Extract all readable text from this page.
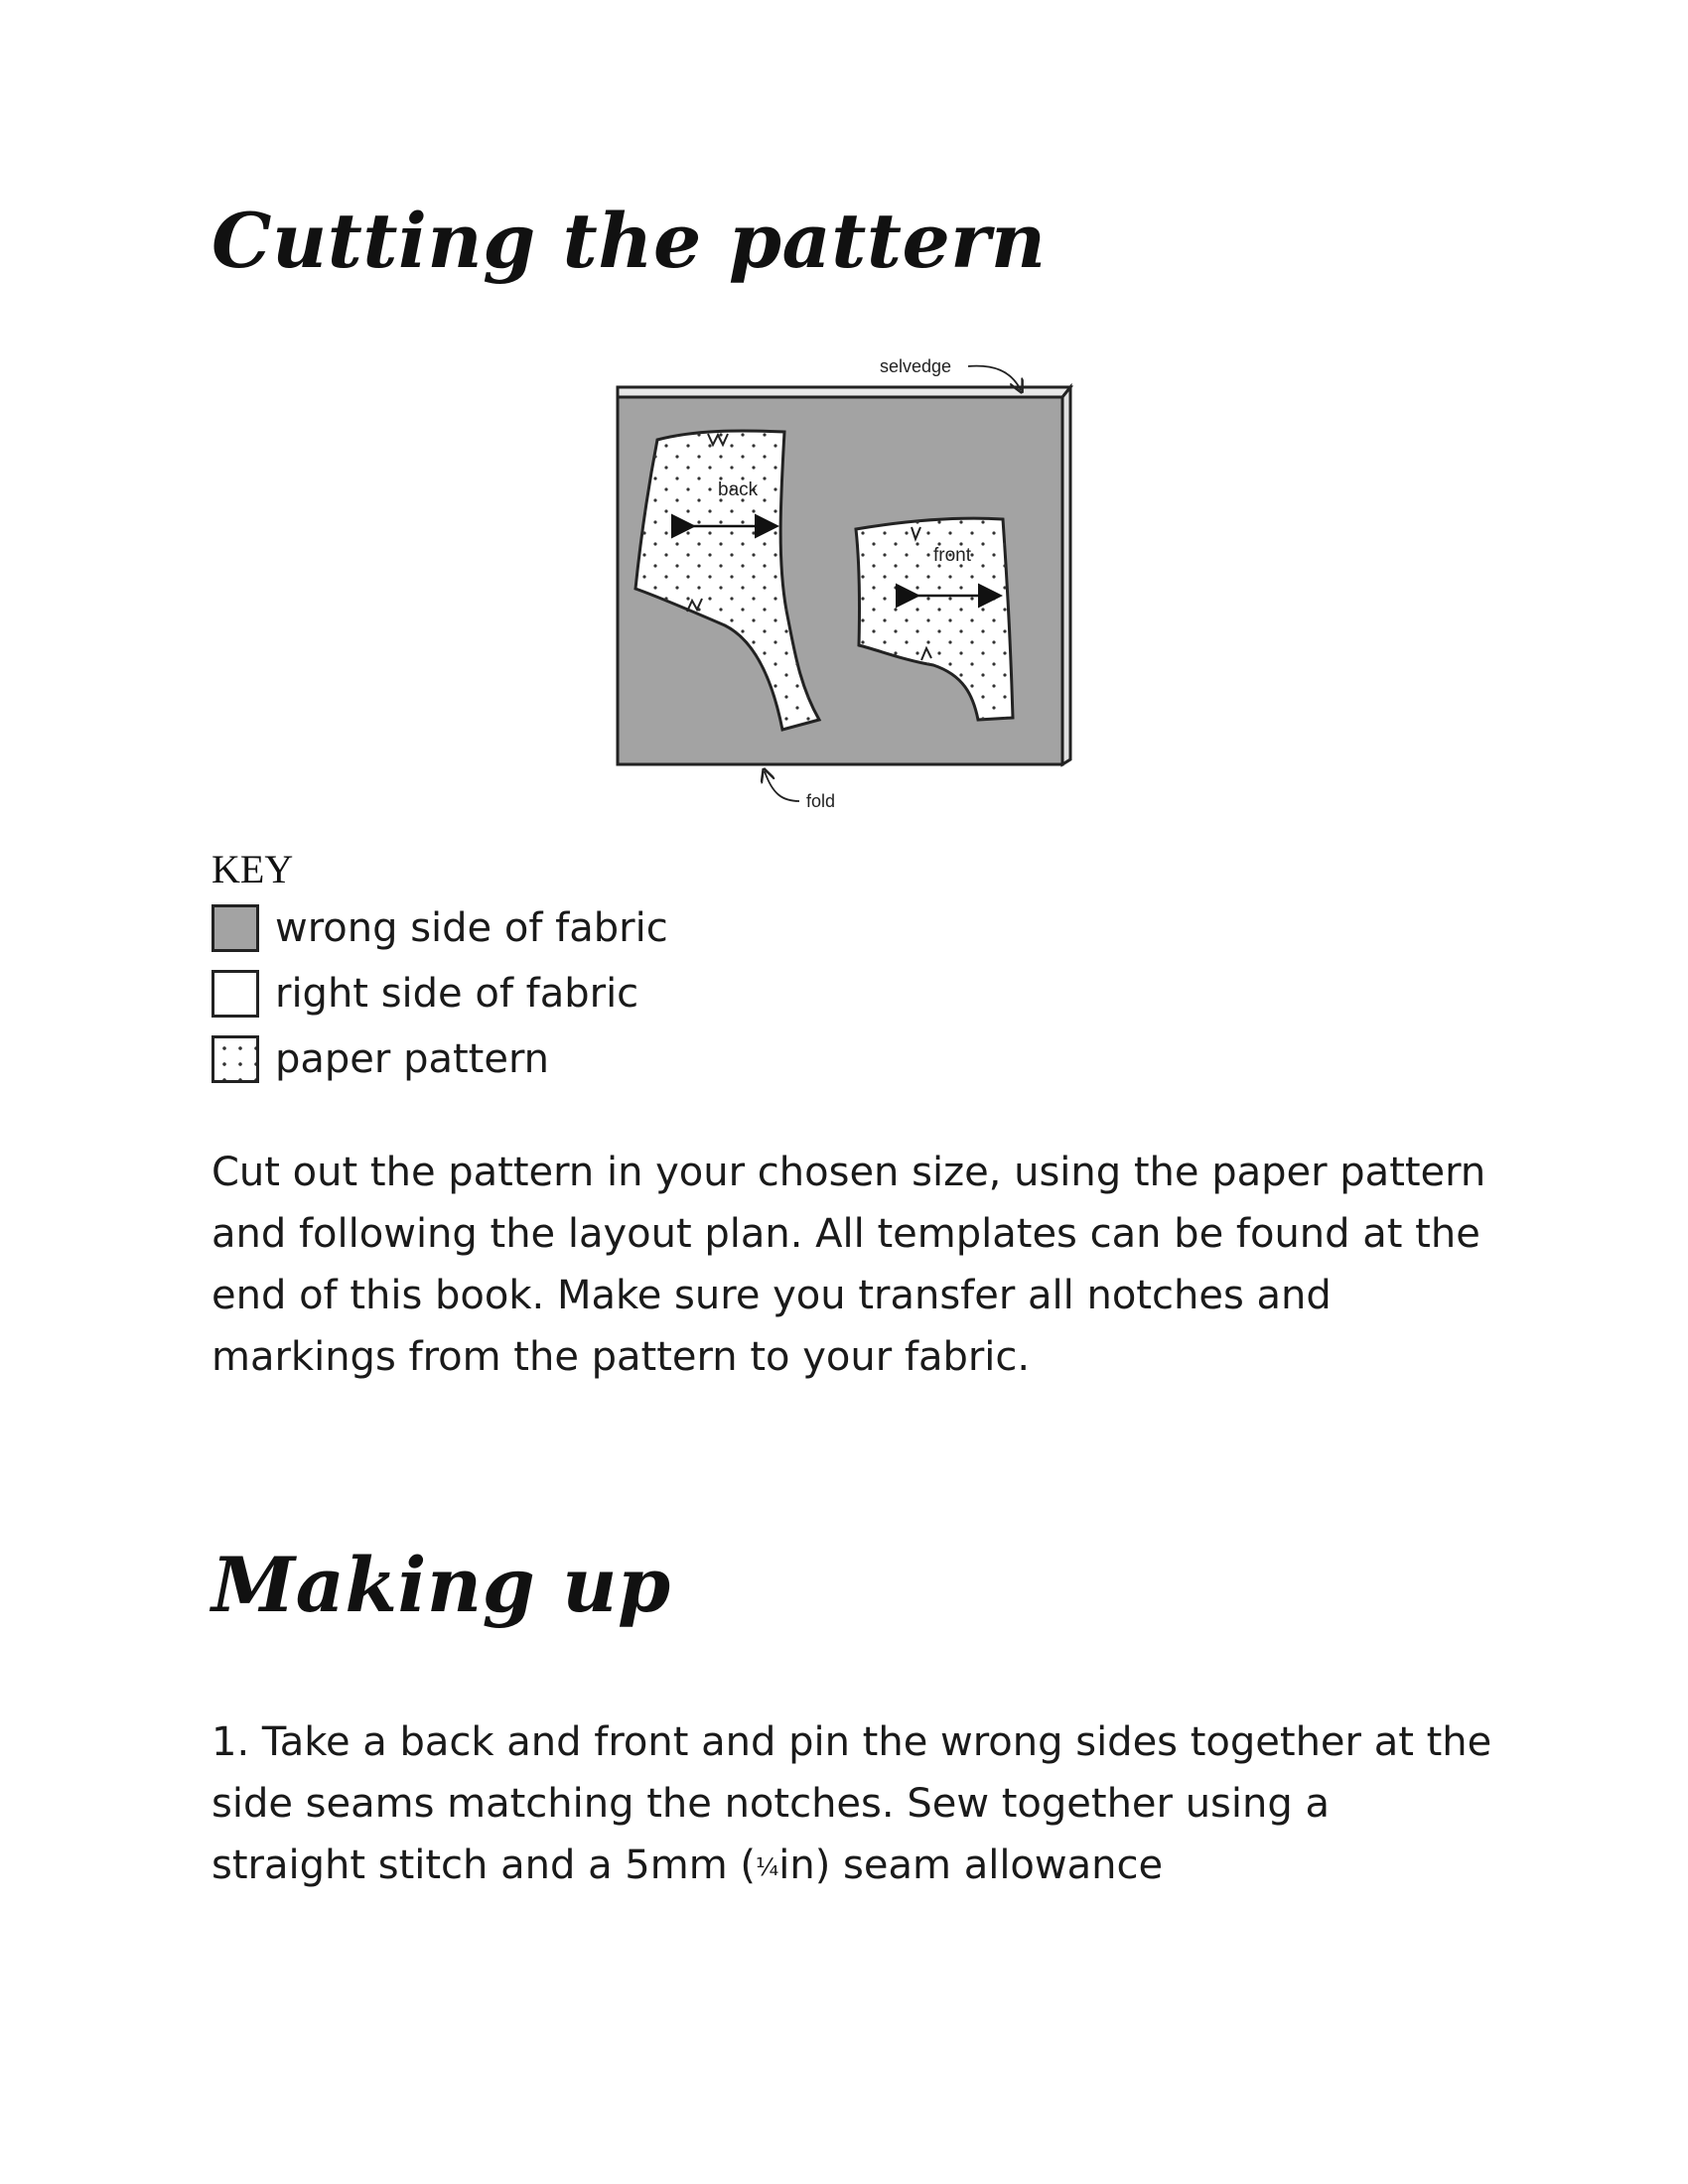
Cutting the pattern
back
front
selvedge
fold
KEY
wrong side of fabric
right side of fabric
paper pattern

Cut out the pattern in your chosen size, using the paper pattern and following the layout plan. All templates can be found at the end of this book. Make sure you transfer all notches and markings from the pattern to your fabric.

Making up

1. Take a back and front and pin the wrong sides together at the side seams matching the notches. Sew together using a straight stitch and a 5mm (¹⁄₄in) seam allowance
